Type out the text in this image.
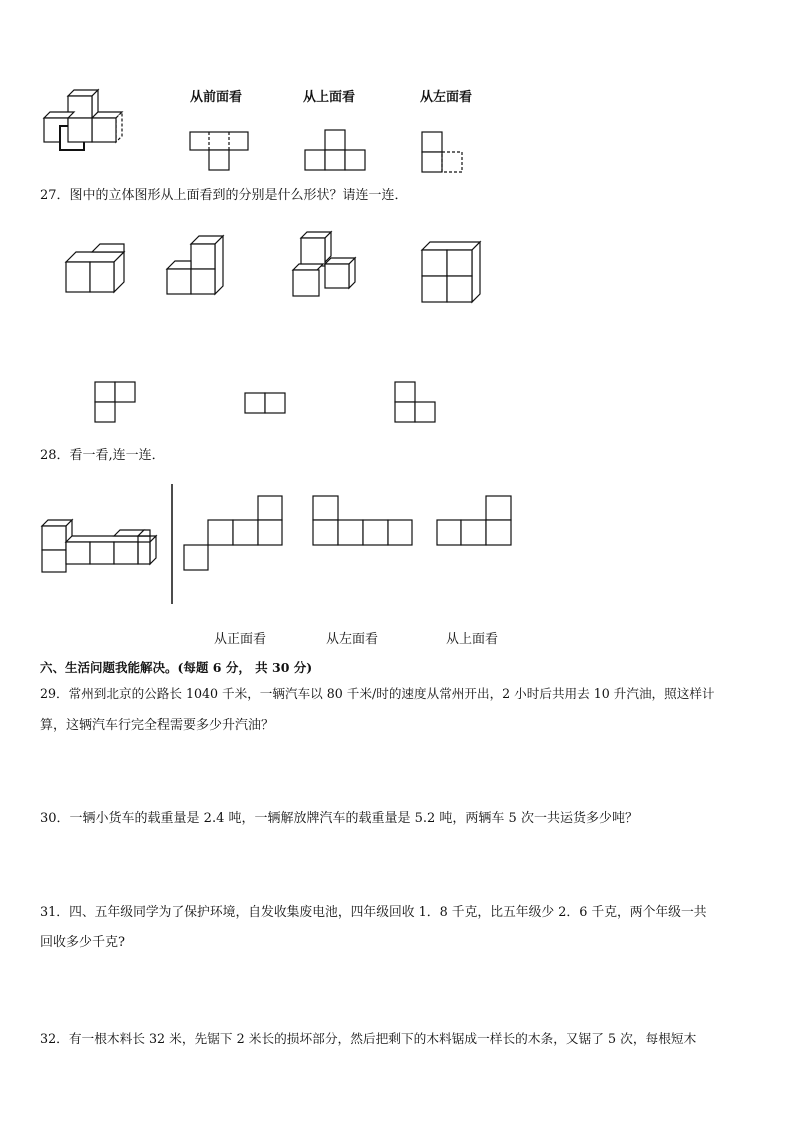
从前面看	从上面看	从左面看
27．图中的立体图形从上面看到的分别是什么形状？请连一连．
28．看一看,连一连．
从正面看	从左面看	从上面看
六、生活问题我能解决。(每题 6 分， 共 30 分)
29．常州到北京的公路长 1040 千米，一辆汽车以 80 千米/时的速度从常州开出，2 小时后共用去 10 升汽油，照这样计
算，这辆汽车行完全程需要多少升汽油？
30．一辆小货车的载重量是 2.4 吨，一辆解放牌汽车的载重量是 5.2 吨，两辆车 5 次一共运货多少吨？
31．四、五年级同学为了保护环境，自发收集废电池，四年级回收 1．8 千克，比五年级少 2．6 千克，两个年级一共
回收多少千克?
32．有一根木料长 32 米，先锯下 2 米长的损坏部分，然后把剩下的木料锯成一样长的木条，又锯了 5 次，每根短木
